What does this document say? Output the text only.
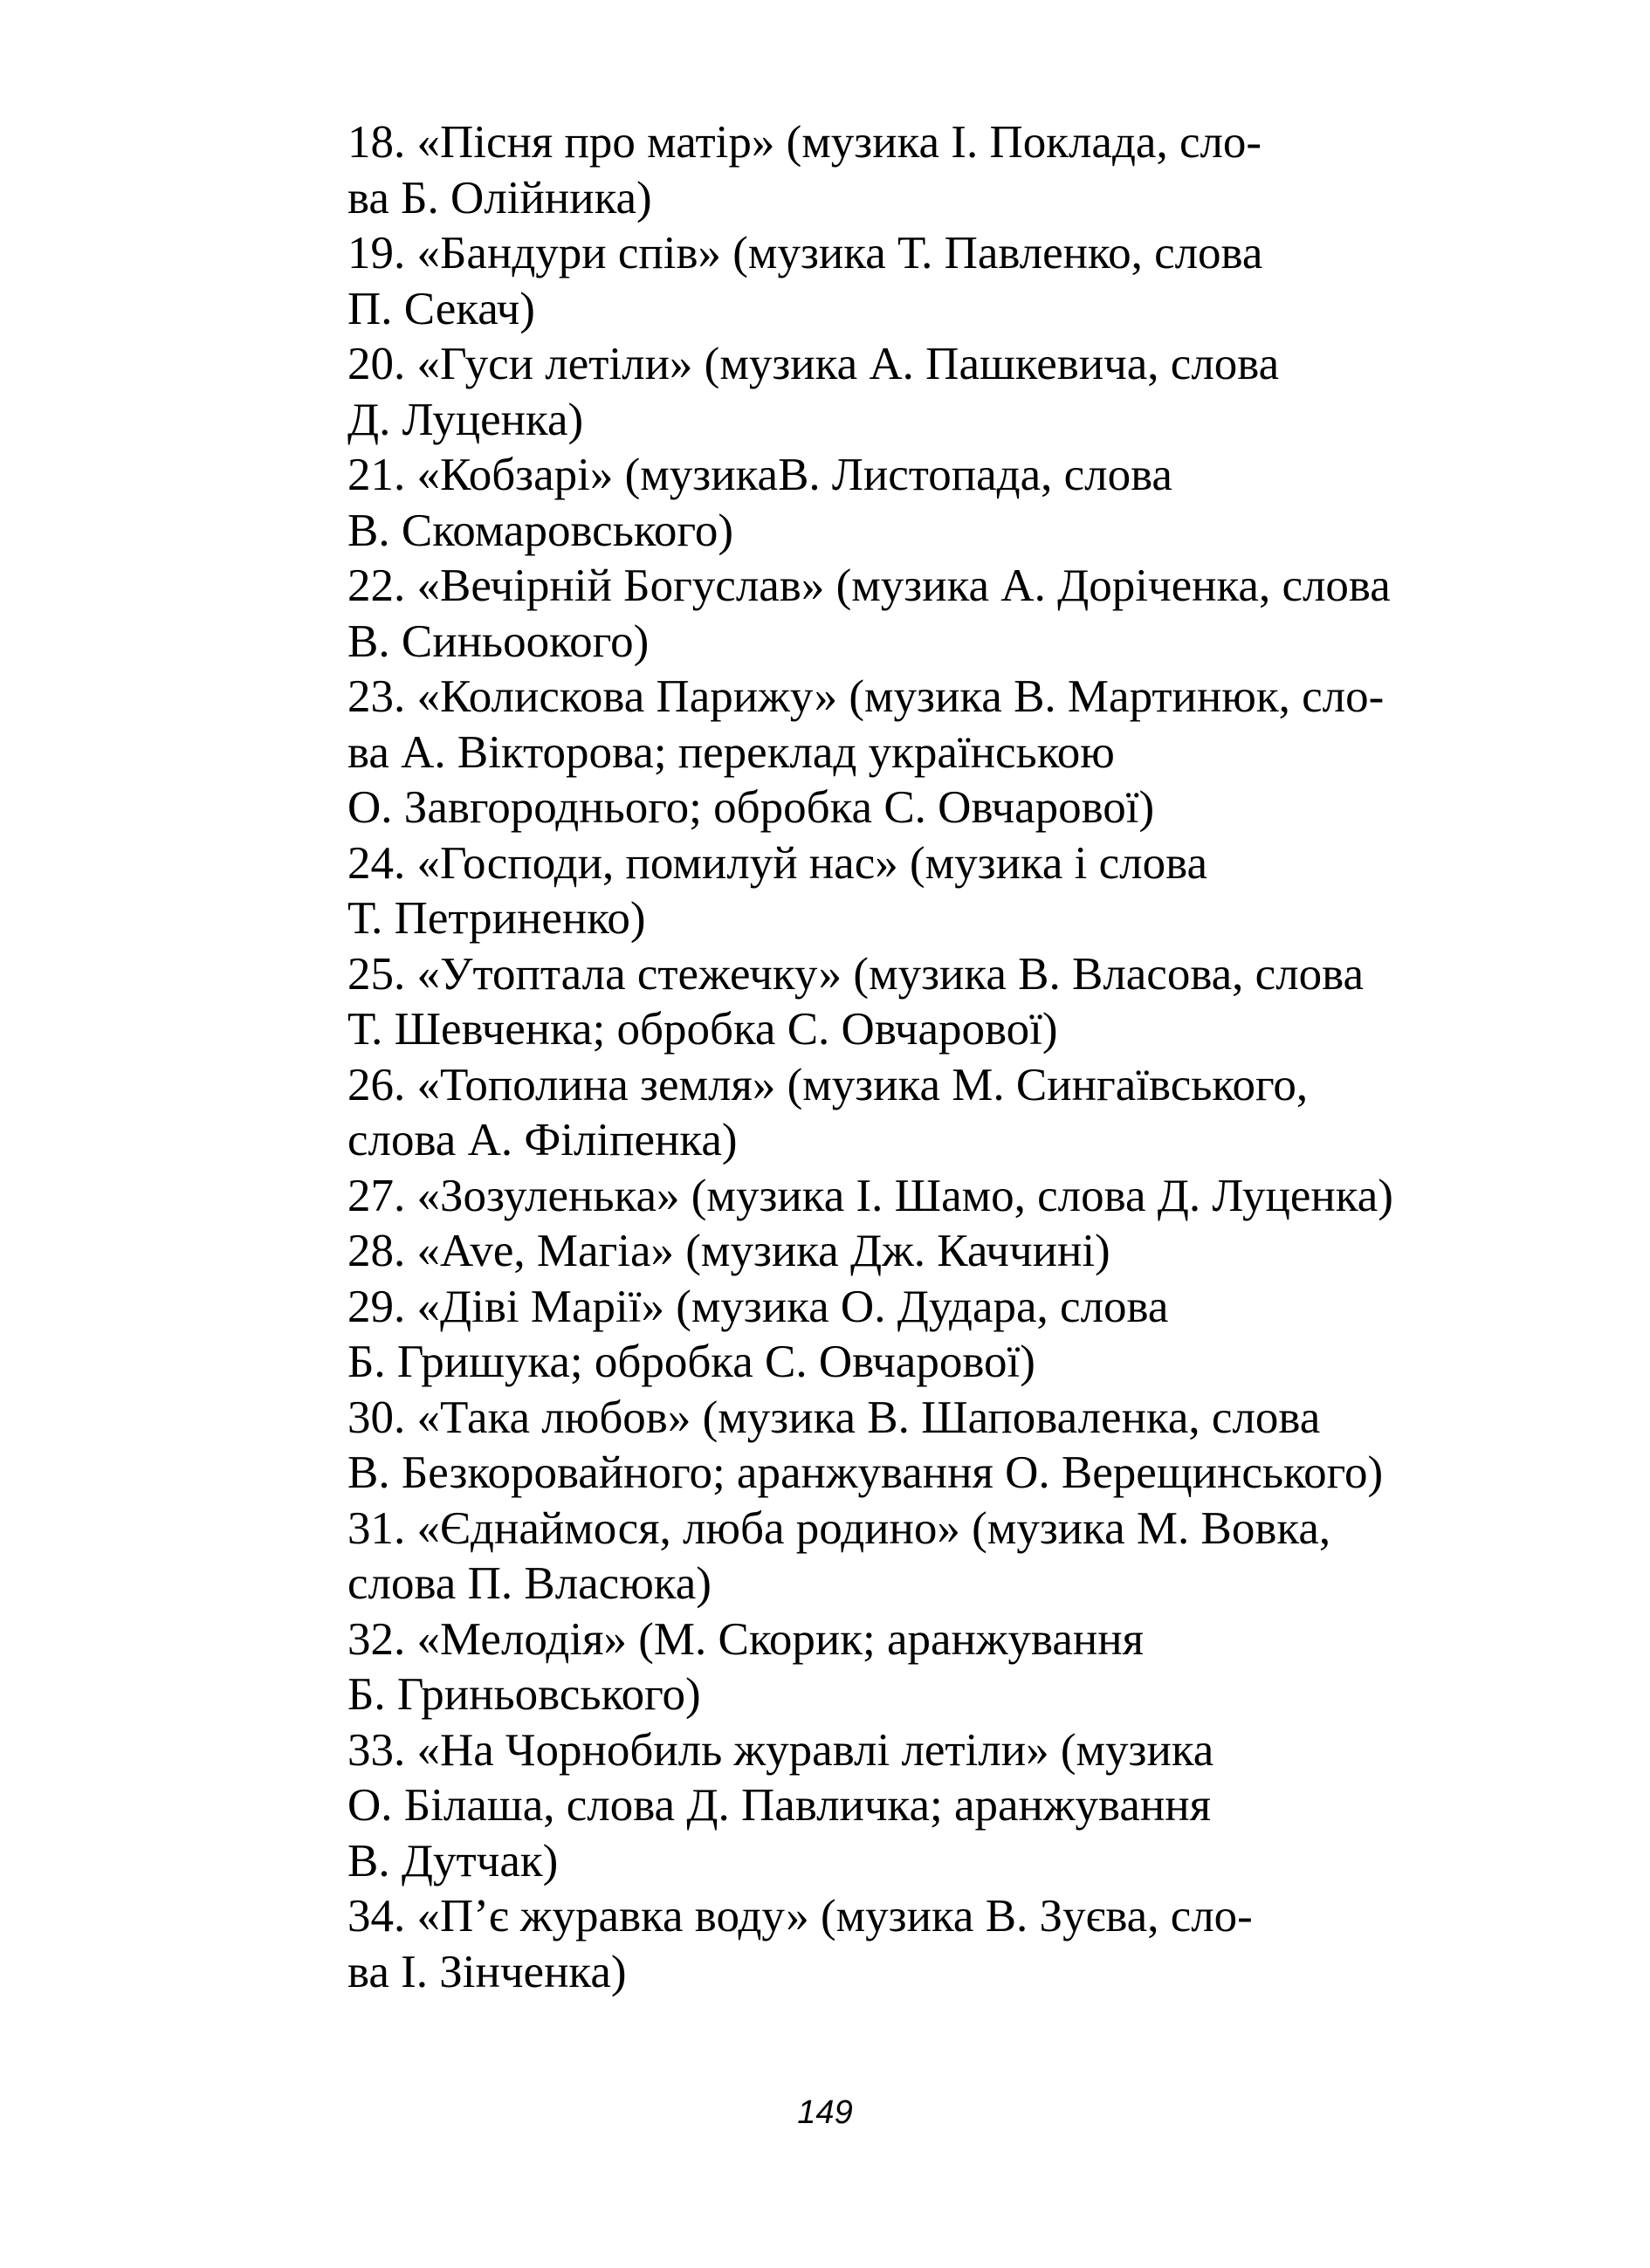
18. «Пісня про матір» (музика І. Поклада, сло-
ва Б. Олійника)

19. «Бандури спів» (музика Т. Павленко, слова
П. Секач)

20. «Гуси летіли» (музика А. Пашкевича, слова
Д. Луценка)

21. «Кобзарі» (музикаВ. Листопада, слова
В. Скомаровського)

22. «Вечірній Богуслав» (музика А. Доріченка, слова
В. Синьоокого)

23. «Колискова Парижу» (музика В. Мартинюк, сло-
ва А. Вікторова; переклад українською
О. Завгороднього; обробка С. Овчарової)

24. «Господи, помилуй нас» (музика і слова
Т. Петриненко)

25. «Утоптала стежечку» (музика В. Власова, слова
Т. Шевченка; обробка С. Овчарової)

26. «Тополина земля» (музика М. Сингаївського,
слова А. Філіпенка)

27. «Зозуленька» (музика І. Шамо, слова Д. Луценка)

28. «Ave, Магіа» (музика Дж. Каччині)

29. «Діві Марії» (музика О. Дудара, слова
Б. Гришука; обробка С. Овчарової)

30. «Така любов» (музика В. Шаповаленка, слова
В. Безкоровайного; аранжування О. Верещинського)

31. «Єднаймося, люба родино» (музика М. Вовка,
слова П. Власюка)

32. «Мелодія» (М. Скорик; аранжування
Б. Гриньовського)

33. «На Чорнобиль журавлі летіли» (музика
О. Білаша, слова Д. Павличка; аранжування
В. Дутчак)

34. «П’є журавка воду» (музика В. Зуєва, сло-
ва І. Зінченка)

149
